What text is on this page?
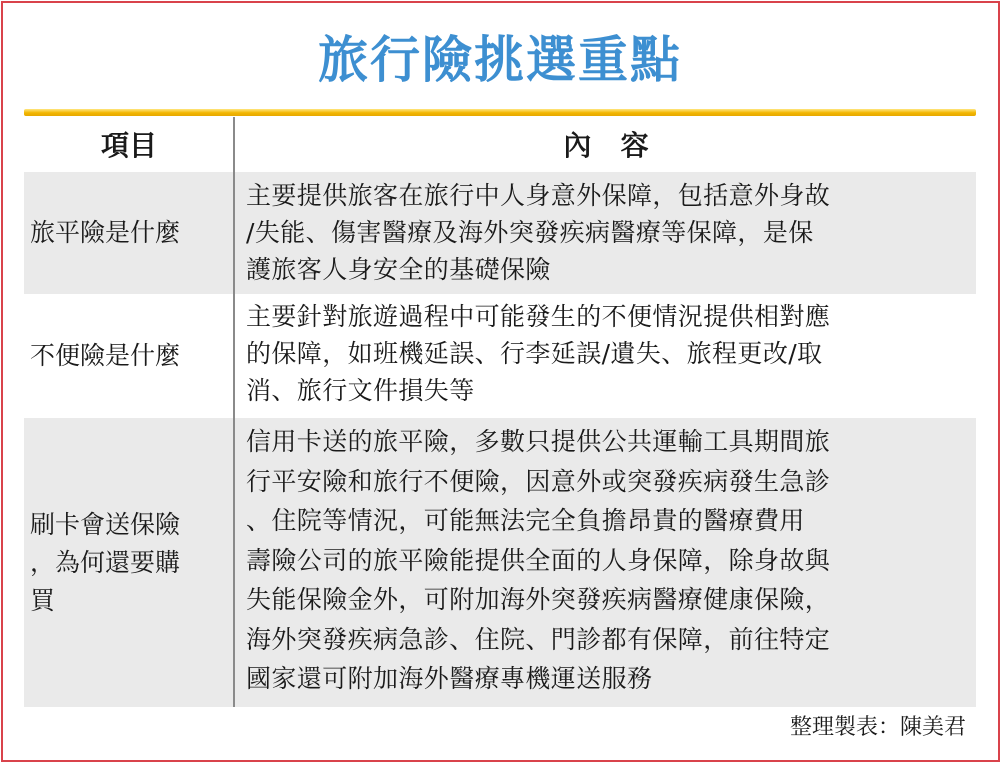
旅行險挑選重點
項目	內   容
旅平險是什麼
主要提供旅客在旅行中人身意外保障，包括意外身故
/失能、傷害醫療及海外突發疾病醫療等保障，是保
護旅客人身安全的基礎保險
不便險是什麼
主要針對旅遊過程中可能發生的不便情況提供相對應
的保障，如班機延誤、行李延誤/遺失、旅程更改/取
消、旅行文件損失等
刷卡會送保險
，為何還要購
買
信用卡送的旅平險，多數只提供公共運輸工具期間旅
行平安險和旅行不便險，因意外或突發疾病發生急診
、住院等情況，可能無法完全負擔昂貴的醫療費用
壽險公司的旅平險能提供全面的人身保障，除身故與
失能保險金外，可附加海外突發疾病醫療健康保險，
海外突發疾病急診、住院、門診都有保障，前往特定
國家還可附加海外醫療專機運送服務
整理製表：陳美君
